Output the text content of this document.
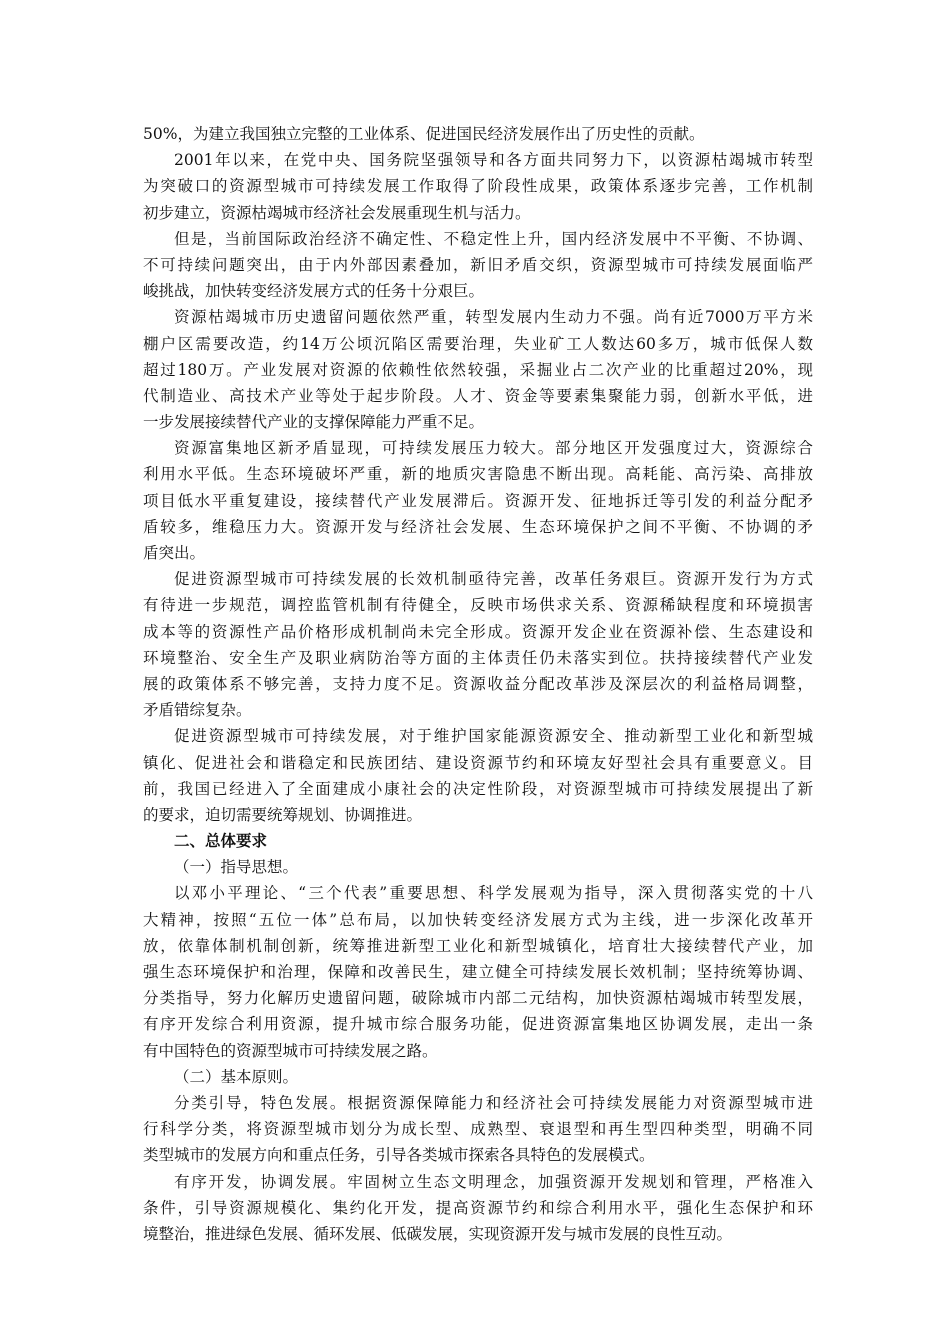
50%，为建立我国独立完整的工业体系、促进国民经济发展作出了历史性的贡献。
2001年以来，在党中央、国务院坚强领导和各方面共同努力下，以资源枯竭城市转型
为突破口的资源型城市可持续发展工作取得了阶段性成果，政策体系逐步完善，工作机制
初步建立，资源枯竭城市经济社会发展重现生机与活力。
但是，当前国际政治经济不确定性、不稳定性上升，国内经济发展中不平衡、不协调、
不可持续问题突出，由于内外部因素叠加，新旧矛盾交织，资源型城市可持续发展面临严
峻挑战，加快转变经济发展方式的任务十分艰巨。
资源枯竭城市历史遗留问题依然严重，转型发展内生动力不强。尚有近7000万平方米
棚户区需要改造，约14万公顷沉陷区需要治理，失业矿工人数达60多万，城市低保人数
超过180万。产业发展对资源的依赖性依然较强，采掘业占二次产业的比重超过20%，现
代制造业、高技术产业等处于起步阶段。人才、资金等要素集聚能力弱，创新水平低，进
一步发展接续替代产业的支撑保障能力严重不足。
资源富集地区新矛盾显现，可持续发展压力较大。部分地区开发强度过大，资源综合
利用水平低。生态环境破坏严重，新的地质灾害隐患不断出现。高耗能、高污染、高排放
项目低水平重复建设，接续替代产业发展滞后。资源开发、征地拆迁等引发的利益分配矛
盾较多，维稳压力大。资源开发与经济社会发展、生态环境保护之间不平衡、不协调的矛
盾突出。
促进资源型城市可持续发展的长效机制亟待完善，改革任务艰巨。资源开发行为方式
有待进一步规范，调控监管机制有待健全，反映市场供求关系、资源稀缺程度和环境损害
成本等的资源性产品价格形成机制尚未完全形成。资源开发企业在资源补偿、生态建设和
环境整治、安全生产及职业病防治等方面的主体责任仍未落实到位。扶持接续替代产业发
展的政策体系不够完善，支持力度不足。资源收益分配改革涉及深层次的利益格局调整，
矛盾错综复杂。
促进资源型城市可持续发展，对于维护国家能源资源安全、推动新型工业化和新型城
镇化、促进社会和谐稳定和民族团结、建设资源节约和环境友好型社会具有重要意义。目
前，我国已经进入了全面建成小康社会的决定性阶段，对资源型城市可持续发展提出了新
的要求，迫切需要统筹规划、协调推进。
二、总体要求
（一）指导思想。
以邓小平理论、“三个代表”重要思想、科学发展观为指导，深入贯彻落实党的十八
大精神，按照“五位一体”总布局，以加快转变经济发展方式为主线，进一步深化改革开
放，依靠体制机制创新，统筹推进新型工业化和新型城镇化，培育壮大接续替代产业，加
强生态环境保护和治理，保障和改善民生，建立健全可持续发展长效机制；坚持统筹协调、
分类指导，努力化解历史遗留问题，破除城市内部二元结构，加快资源枯竭城市转型发展，
有序开发综合利用资源，提升城市综合服务功能，促进资源富集地区协调发展，走出一条
有中国特色的资源型城市可持续发展之路。
（二）基本原则。
分类引导，特色发展。根据资源保障能力和经济社会可持续发展能力对资源型城市进
行科学分类，将资源型城市划分为成长型、成熟型、衰退型和再生型四种类型，明确不同
类型城市的发展方向和重点任务，引导各类城市探索各具特色的发展模式。
有序开发，协调发展。牢固树立生态文明理念，加强资源开发规划和管理，严格准入
条件，引导资源规模化、集约化开发，提高资源节约和综合利用水平，强化生态保护和环
境整治，推进绿色发展、循环发展、低碳发展，实现资源开发与城市发展的良性互动。
